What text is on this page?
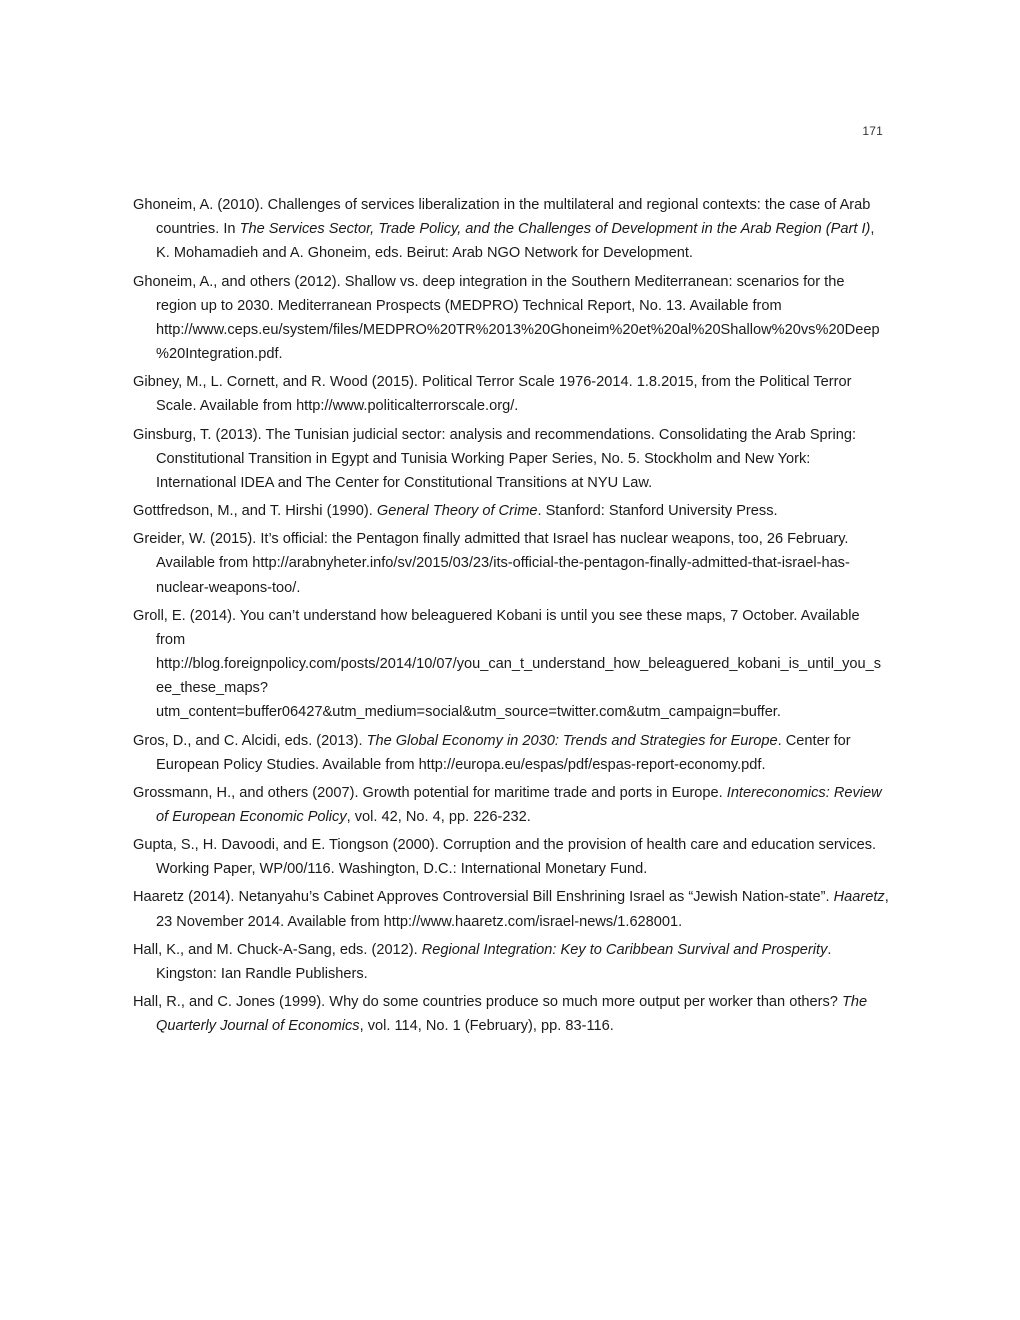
171

Ghoneim, A. (2010). Challenges of services liberalization in the multilateral and regional contexts: the case of Arab countries. In The Services Sector, Trade Policy, and the Challenges of Development in the Arab Region (Part I), K. Mohamadieh and A. Ghoneim, eds. Beirut: Arab NGO Network for Development.

Ghoneim, A., and others (2012). Shallow vs. deep integration in the Southern Mediterranean: scenarios for the region up to 2030. Mediterranean Prospects (MEDPRO) Technical Report, No. 13. Available from http://www.ceps.eu/system/files/MEDPRO%20TR%2013%20Ghoneim%20et%20al%20Shallow%20vs%20Deep%20Integration.pdf.

Gibney, M., L. Cornett, and R. Wood (2015). Political Terror Scale 1976-2014. 1.8.2015, from the Political Terror Scale. Available from http://www.politicalterrorscale.org/.

Ginsburg, T. (2013). The Tunisian judicial sector: analysis and recommendations. Consolidating the Arab Spring: Constitutional Transition in Egypt and Tunisia Working Paper Series, No. 5. Stockholm and New York: International IDEA and The Center for Constitutional Transitions at NYU Law.

Gottfredson, M., and T. Hirshi (1990). General Theory of Crime. Stanford: Stanford University Press.

Greider, W. (2015). It’s official: the Pentagon finally admitted that Israel has nuclear weapons, too, 26 February. Available from http://arabnyheter.info/sv/2015/03/23/its-official-the-pentagon-finally-admitted-that-israel-has-nuclear-weapons-too/.

Groll, E. (2014). You can’t understand how beleaguered Kobani is until you see these maps, 7 October. Available from http://blog.foreignpolicy.com/posts/2014/10/07/you_can_t_understand_how_beleaguered_kobani_is_until_you_see_these_maps?utm_content=buffer06427&utm_medium=social&utm_source=twitter.com&utm_campaign=buffer.

Gros, D., and C. Alcidi, eds. (2013). The Global Economy in 2030: Trends and Strategies for Europe. Center for European Policy Studies. Available from http://europa.eu/espas/pdf/espas-report-economy.pdf.

Grossmann, H., and others (2007). Growth potential for maritime trade and ports in Europe. Intereconomics: Review of European Economic Policy, vol. 42, No. 4, pp. 226-232.

Gupta, S., H. Davoodi, and E. Tiongson (2000). Corruption and the provision of health care and education services. Working Paper, WP/00/116. Washington, D.C.: International Monetary Fund.

Haaretz (2014). Netanyahu’s Cabinet Approves Controversial Bill Enshrining Israel as “Jewish Nation-state”. Haaretz, 23 November 2014. Available from http://www.haaretz.com/israel-news/1.628001.

Hall, K., and M. Chuck-A-Sang, eds. (2012). Regional Integration: Key to Caribbean Survival and Prosperity. Kingston: Ian Randle Publishers.

Hall, R., and C. Jones (1999). Why do some countries produce so much more output per worker than others? The Quarterly Journal of Economics, vol. 114, No. 1 (February), pp. 83-116.
